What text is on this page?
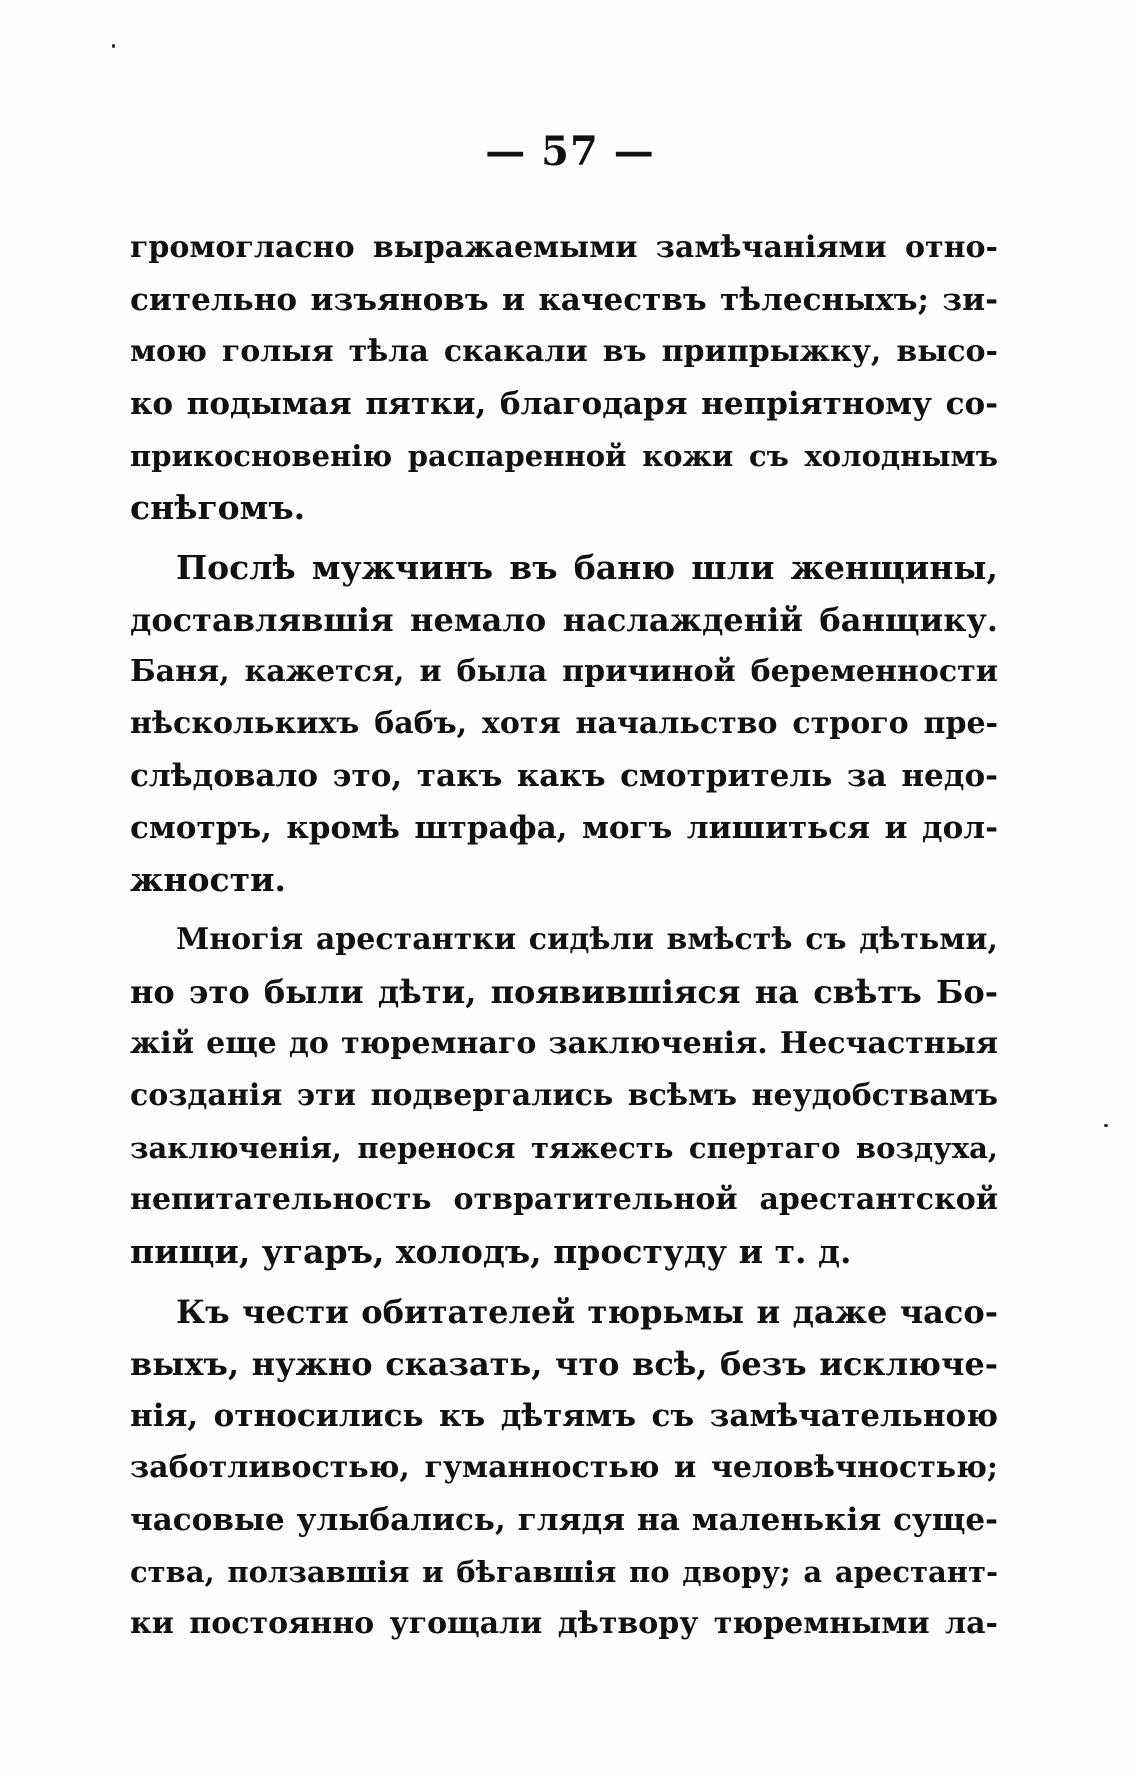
— 57 —
громогласно выражаемыми замѣчаніями отно-
сительно изъяновъ и качествъ тѣлесныхъ; зи-
мою голыя тѣла скакали въ припрыжку, высо-
ко подымая пятки, благодаря непріятному со-
прикосновенію распаренной кожи съ холоднымъ
снѣгомъ.
Послѣ мужчинъ въ баню шли женщины,
доставлявшія немало наслажденій банщику.
Баня, кажется, и была причиной беременности
нѣсколькихъ бабъ, хотя начальство строго пре-
слѣдовало это, такъ какъ смотритель за недо-
смотръ, кромѣ штрафа, могъ лишиться и дол-
жности.
Многія арестантки сидѣли вмѣстѣ съ дѣтьми,
но это были дѣти, появившіяся на свѣтъ Бо-
жій еще до тюремнаго заключенія. Несчастныя
созданія эти подвергались всѣмъ неудобствамъ
заключенія, перенося тяжесть спертаго воздуха,
непитательность отвратительной арестантской
пищи, угаръ, холодъ, простуду и т. д.
Къ чести обитателей тюрьмы и даже часо-
выхъ, нужно сказать, что всѣ, безъ исключе-
нія, относились къ дѣтямъ съ замѣчательною
заботливостью, гуманностью и человѣчностью;
часовые улыбались, глядя на маленькія суще-
ства, ползавшія и бѣгавшія по двору; а арестант-
ки постоянно угощали дѣтвору тюремными ла-
